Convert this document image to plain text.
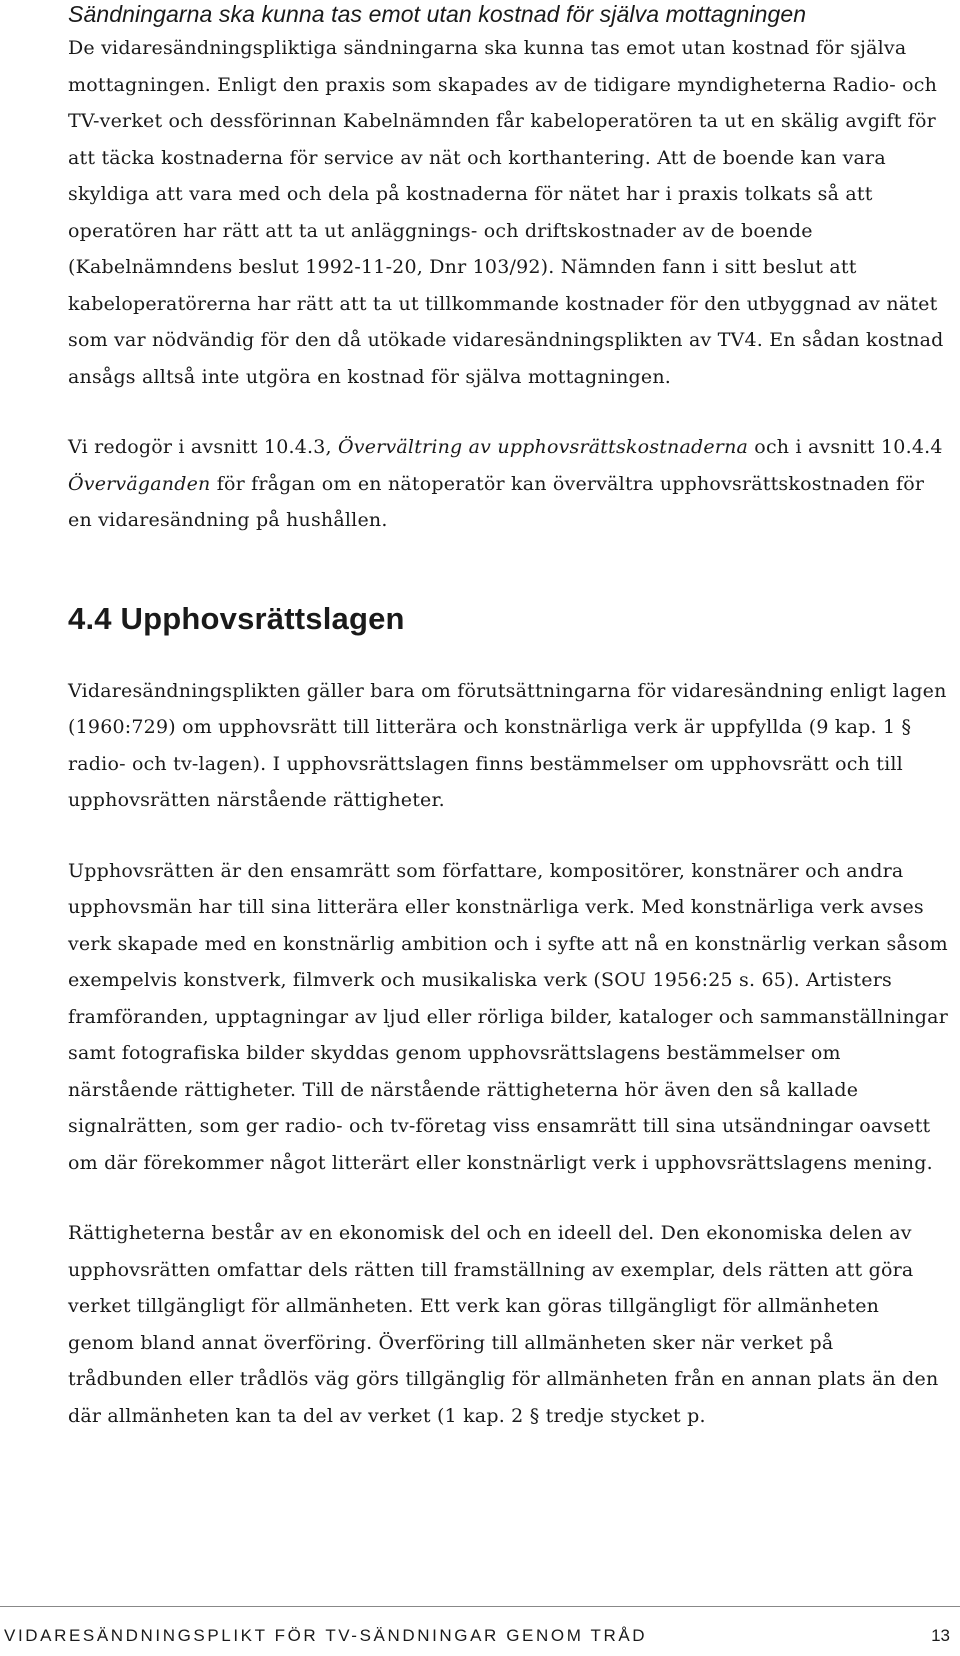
Sändningarna ska kunna tas emot utan kostnad för själva mottagningen

De vidaresändningspliktiga sändningarna ska kunna tas emot utan kostnad för själva mottagningen. Enligt den praxis som skapades av de tidigare myndigheterna Radio- och TV-verket och dessförinnan Kabelnämnden får kabeloperatören ta ut en skälig avgift för att täcka kostnaderna för service av nät och korthantering. Att de boende kan vara skyldiga att vara med och dela på kostnaderna för nätet har i praxis tolkats så att operatören har rätt att ta ut anläggnings- och driftskostnader av de boende (Kabelnämndens beslut 1992-11-20, Dnr 103/92). Nämnden fann i sitt beslut att kabeloperatörerna har rätt att ta ut tillkommande kostnader för den utbyggnad av nätet som var nödvändig för den då utökade vidaresändningsplikten av TV4. En sådan kostnad ansågs alltså inte utgöra en kostnad för själva mottagningen.

Vi redogör i avsnitt 10.4.3, Övervältring av upphovsrättskostnaderna och i avsnitt 10.4.4 Överväganden för frågan om en nätoperatör kan övervältra upphovsrättskostnaden för en vidaresändning på hushållen.

4.4 Upphovsrättslagen

Vidaresändningsplikten gäller bara om förutsättningarna för vidaresändning enligt lagen (1960:729) om upphovsrätt till litterära och konstnärliga verk är uppfyllda (9 kap. 1 § radio- och tv-lagen). I upphovsrättslagen finns bestämmelser om upphovsrätt och till upphovsrätten närstående rättigheter.

Upphovsrätten är den ensamrätt som författare, kompositörer, konstnärer och andra upphovsmän har till sina litterära eller konstnärliga verk. Med konstnärliga verk avses verk skapade med en konstnärlig ambition och i syfte att nå en konstnärlig verkan såsom exempelvis konstverk, filmverk och musikaliska verk (SOU 1956:25 s. 65). Artisters framföranden, upptagningar av ljud eller rörliga bilder, kataloger och sammanställningar samt fotografiska bilder skyddas genom upphovsrättslagens bestämmelser om närstående rättigheter. Till de närstående rättigheterna hör även den så kallade signalrätten, som ger radio- och tv-företag viss ensamrätt till sina utsändningar oavsett om där förekommer något litterärt eller konstnärligt verk i upphovsrättslagens mening.

Rättigheterna består av en ekonomisk del och en ideell del. Den ekonomiska delen av upphovsrätten omfattar dels rätten till framställning av exemplar, dels rätten att göra verket tillgängligt för allmänheten. Ett verk kan göras tillgängligt för allmänheten genom bland annat överföring. Överföring till allmänheten sker när verket på trådbunden eller trådlös väg görs tillgänglig för allmänheten från en annan plats än den där allmänheten kan ta del av verket (1 kap. 2 § tredje stycket p.

VIDARESÄNDNINGSPLIKT FÖR TV-SÄNDNINGAR GENOM TRÅD	13
